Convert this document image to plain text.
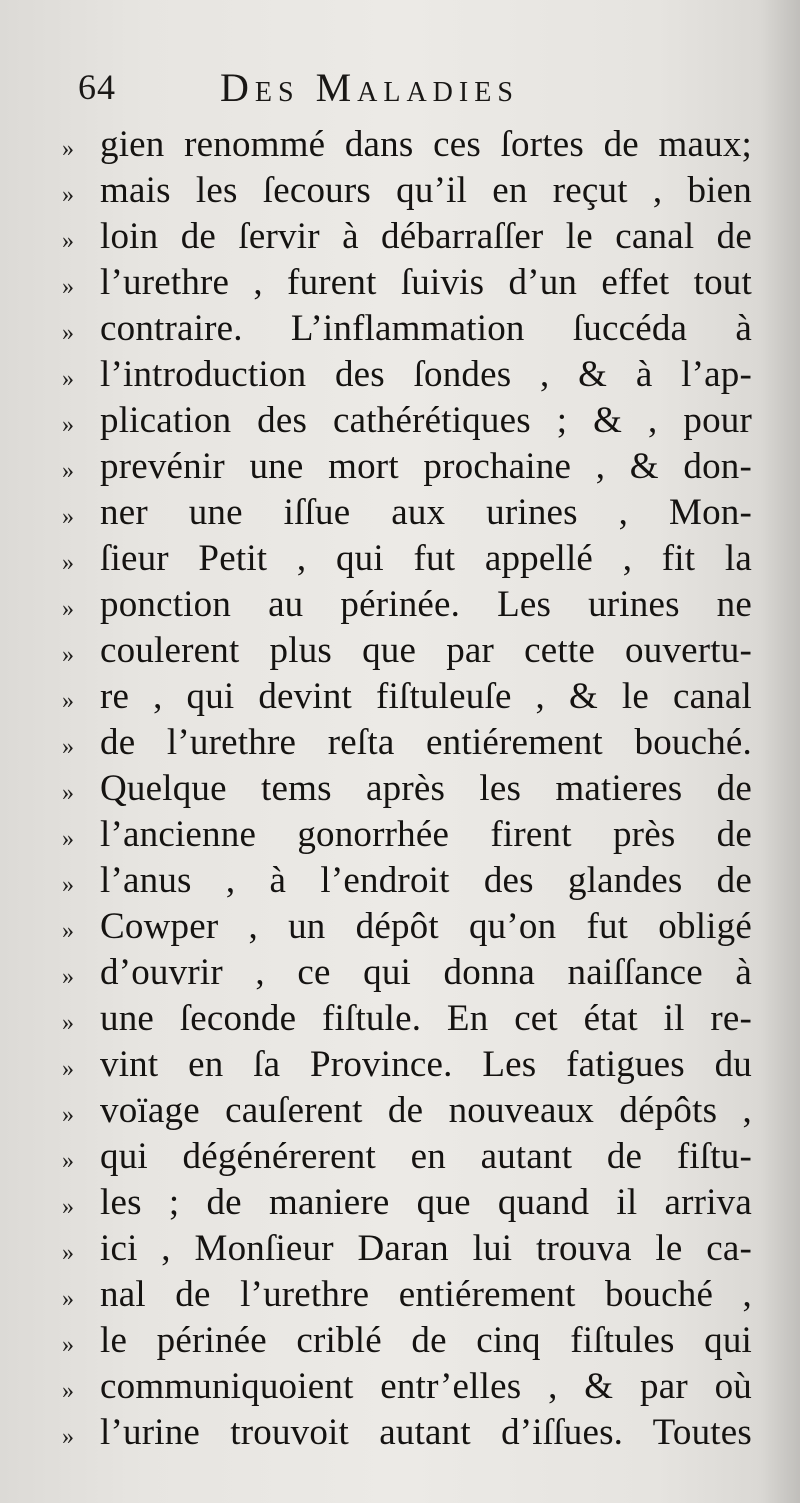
64	Des Maladies
» gien renommé dans ces ſortes de maux;
» mais les ſecours qu’il en reçut , bien
» loin de ſervir à débarraſſer le canal de
» l’urethre , furent ſuivis d’un effet tout
» contraire. L’inflammation ſuccéda à
» l’introduction des ſondes , & à l’ap-
» plication des cathérétiques ; & , pour
» prevénir une mort prochaine , & don-
» ner une iſſue aux urines , Mon-
» ſieur Petit , qui fut appellé , fit la
» ponction au périnée. Les urines ne
» coulerent plus que par cette ouvertu-
» re , qui devint fiſtuleuſe , & le canal
» de l’urethre reſta entiérement bouché.
» Quelque tems après les matieres de
» l’ancienne gonorrhée firent près de
» l’anus , à l’endroit des glandes de
» Cowper , un dépôt qu’on fut obligé
» d’ouvrir , ce qui donna naiſſance à
» une ſeconde fiſtule. En cet état il re-
» vint en ſa Province. Les fatigues du
» voïage cauſerent de nouveaux dépôts ,
» qui dégénérerent en autant de fiſtu-
» les ; de maniere que quand il arriva
» ici , Monſieur Daran lui trouva le ca-
» nal de l’urethre entiérement bouché ,
» le périnée criblé de cinq fiſtules qui
» communiquoient entr’elles , & par où
» l’urine trouvoit autant d’iſſues. Toutes
